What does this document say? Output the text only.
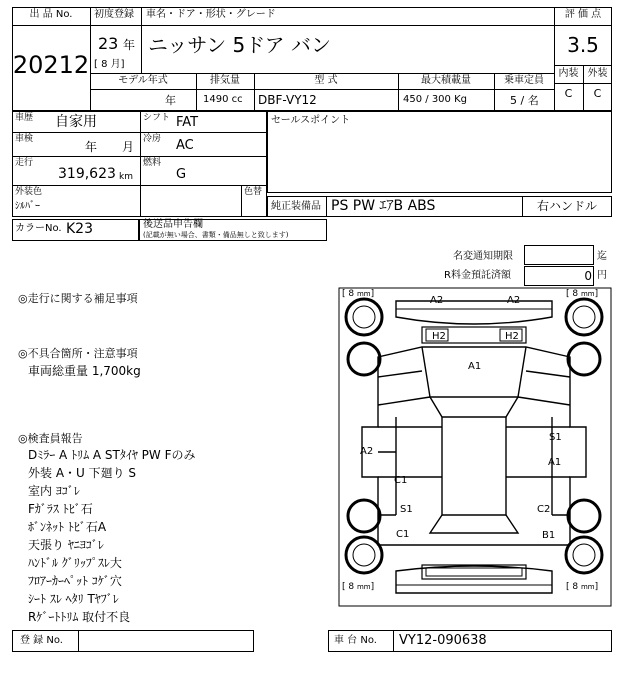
出 品 No.
20212
初度登録 車名・ドア・形状・グレード
23 年
[ 8 月]
ニッサン 5ドア バン
評 価 点
3.5
内装 外装
C	C
モデル年式	排気量	型 式	最大積載量	乗車定員
年	1490 cc DBF-VY12	450 / 300 Kg	5 / 名
車歴 自家用	シフト FAT
車検
年 月
冷房 AC
走行
319,623 km
燃料
G
セールスポイント
外装色
ｼﾙﾊﾞｰ
色替
純正装備品 PS PW ｴｱB ABS	右ハンドル
カラーNo. K23	後送品申告欄
(記載が無い場合、書類・備品無しと致します)
名変通知期限	迄
R料金預託済額	0 円
◎走行に関する補足事項
◎不具合箇所・注意事項
車両総重量 1,700kg
◎検査員報告
Dﾐﾗｰ A ﾄﾘﾑ A STﾀｲﾔ PW Fのみ
外装 A・U 下廻り S
室内 ﾖｺﾞﾚ
Fｶﾞﾗｽ ﾄﾋﾞ石
ﾎﾞﾝﾈｯﾄ ﾄﾋﾞ石A
天張り ﾔﾆﾖｺﾞﾚ
ﾊﾝﾄﾞﾙ ｸﾞﾘｯﾌﾟｽﾚ大
ﾌﾛｱｰｶｰﾍﾟｯﾄ ｺｹﾞ穴
ｼｰﾄ ｽﾚ ﾍﾀﾘ Tﾔﾌﾞﾚ
Rｹﾞｰﾄﾄﾘﾑ 取付不良
[ 8 mm]	[ 8 mm]
[ 8 mm]	[ 8 mm]
A2	A2
H2	H2
A1
A2
C1
S1
C1
S1
A1
C2
B1
登 録 No.	車 台 No. VY12-090638
